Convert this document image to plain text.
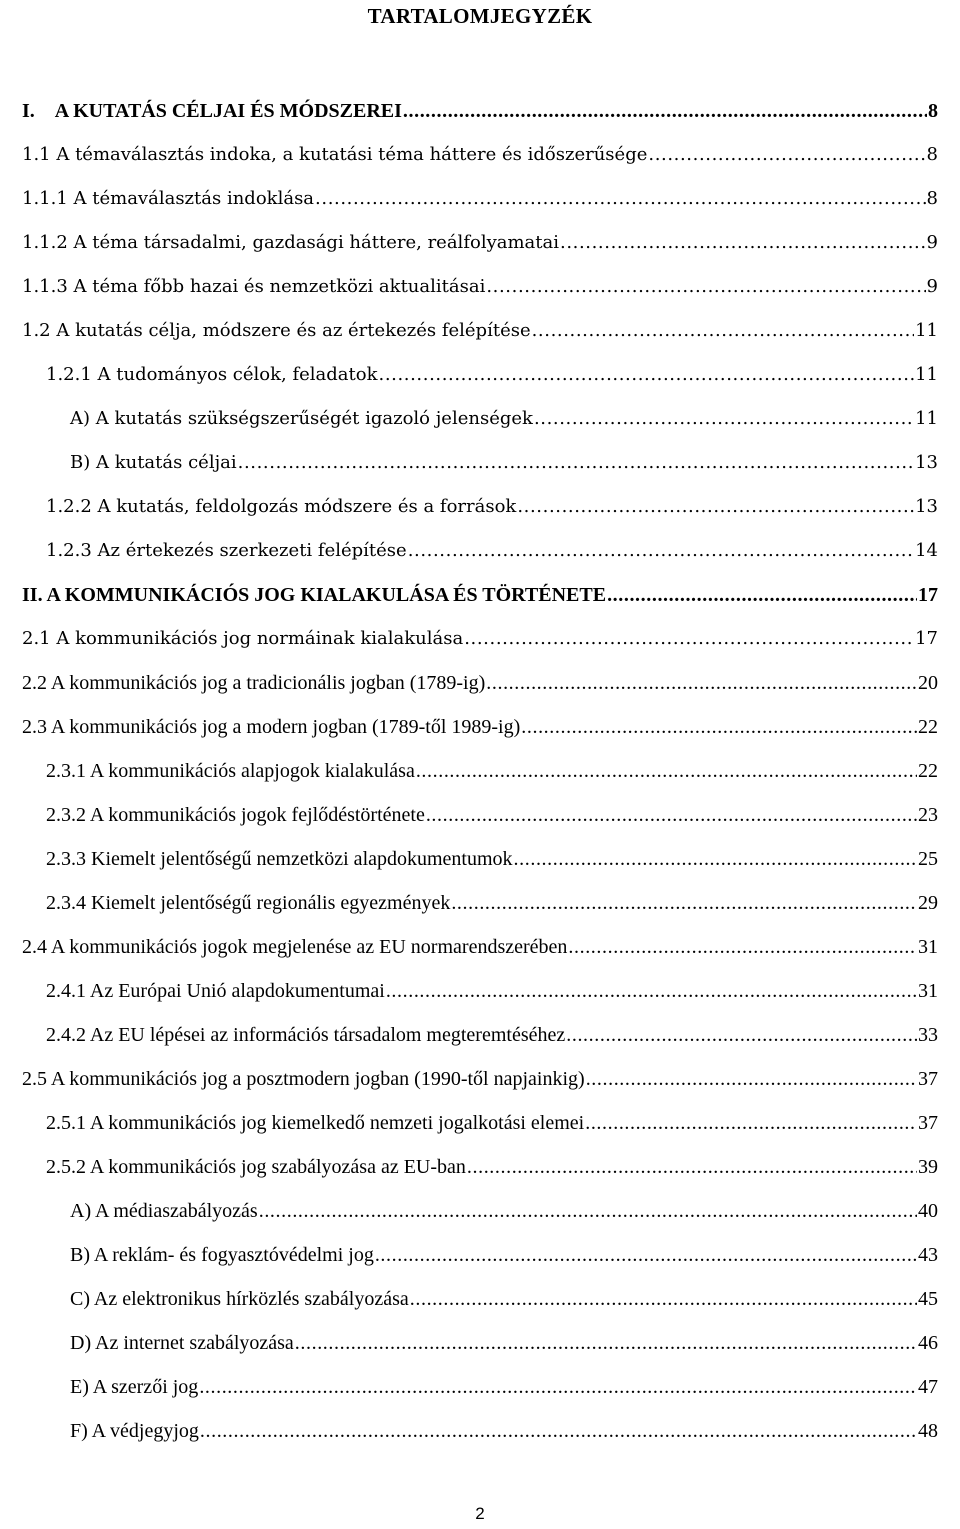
TARTALOMJEGYZÉK
I.    A KUTATÁS CÉLJAI ÉS MÓDSZEREI .....	8
1.1 A témaválasztás indoka, a kutatási téma háttere és időszerűsége .....	8
1.1.1 A témaválasztás indoklása .....	8
1.1.2 A téma társadalmi, gazdasági háttere, reálfolyamatai .....	9
1.1.3 A téma főbb hazai és nemzetközi aktualitásai .....	9
1.2 A kutatás célja, módszere és az értekezés felépítése .....	11
1.2.1 A tudományos célok, feladatok .....	11
A) A kutatás szükségszerűségét igazoló jelenségek .....	11
B) A kutatás céljai .....	13
1.2.2 A kutatás, feldolgozás módszere és a források .....	13
1.2.3 Az értekezés szerkezeti felépítése .....	14
II. A KOMMUNIKÁCIÓS JOG KIALAKULÁSA ÉS TÖRTÉNETE .....	17
2.1 A kommunikációs jog normáinak kialakulása .....	17
2.2 A kommunikációs jog a tradicionális jogban (1789-ig) .....	20
2.3 A kommunikációs jog a modern jogban (1789-től 1989-ig) .....	22
2.3.1 A kommunikációs alapjogok kialakulása .....	22
2.3.2 A kommunikációs jogok fejlődéstörténete .....	23
2.3.3 Kiemelt jelentőségű nemzetközi alapdokumentumok .....	25
2.3.4 Kiemelt jelentőségű regionális egyezmények .....	29
2.4 A kommunikációs jogok megjelenése az EU normarendszerében .....	31
2.4.1 Az Európai Unió alapdokumentumai .....	31
2.4.2 Az EU lépései az információs társadalom megteremtéséhez .....	33
2.5 A kommunikációs jog a posztmodern jogban (1990-től napjainkig) .....	37
2.5.1 A kommunikációs jog kiemelkedő nemzeti jogalkotási elemei .....	37
2.5.2 A kommunikációs jog szabályozása az EU-ban .....	39
A) A médiaszabályozás .....	40
B) A reklám- és fogyasztóvédelmi jog .....	43
C) Az elektronikus hírközlés szabályozása .....	45
D) Az internet szabályozása .....	46
E) A szerzői jog .....	47
F) A védjegyjog .....	48
2
